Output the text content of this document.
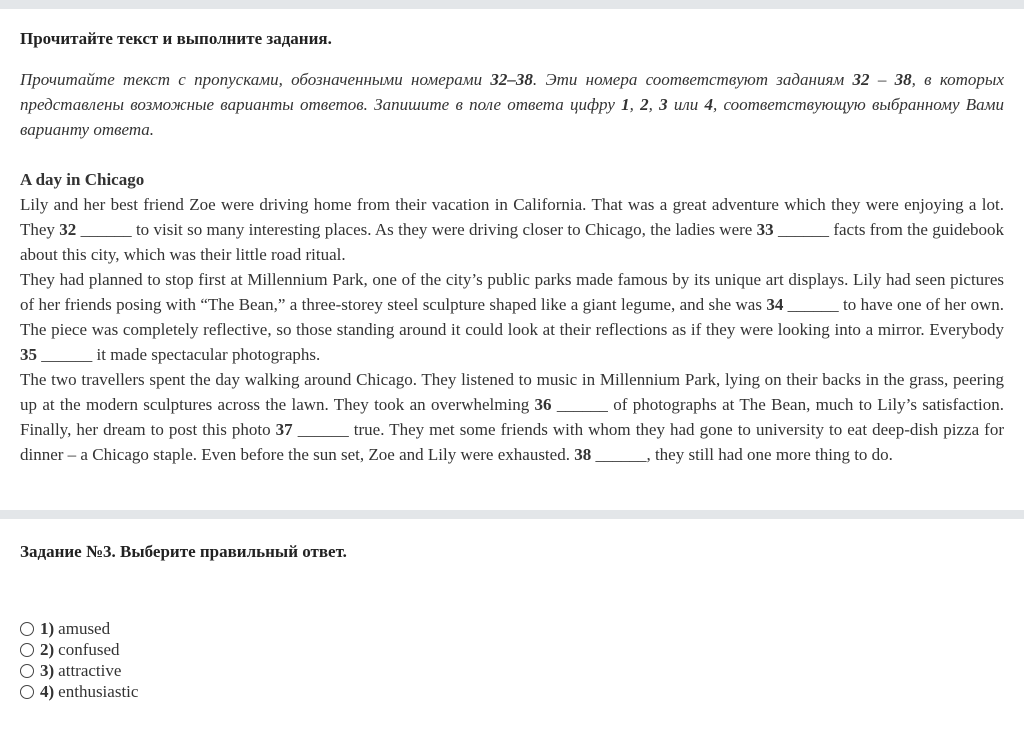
Прочитайте текст и выполните задания.

Прочитайте текст с пропусками, обозначенными номерами 32–38. Эти номера соответствуют заданиям 32 – 38, в которых представлены возможные варианты ответов. Запишите в поле ответа цифру 1, 2, 3 или 4, соответствующую выбранному Вами варианту ответа.

A day in Chicago

Lily and her best friend Zoe were driving home from their vacation in California. That was a great adventure which they were enjoying a lot. They 32 ______ to visit so many interesting places. As they were driving closer to Chicago, the ladies were 33 ______ facts from the guidebook about this city, which was their little road ritual.

They had planned to stop first at Millennium Park, one of the city’s public parks made famous by its unique art displays. Lily had seen pictures of her friends posing with “The Bean,” a three-storey steel sculpture shaped like a giant legume, and she was 34 ______ to have one of her own. The piece was completely reflective, so those standing around it could look at their reflections as if they were looking into a mirror. Everybody 35 ______ it made spectacular photographs.

The two travellers spent the day walking around Chicago. They listened to music in Millennium Park, lying on their backs in the grass, peering up at the modern sculptures across the lawn. They took an overwhelming 36 ______ of photographs at The Bean, much to Lily’s satisfaction. Finally, her dream to post this photo 37 ______ true. They met some friends with whom they had gone to university to eat deep-dish pizza for dinner – a Chicago staple. Even before the sun set, Zoe and Lily were exhausted. 38 ______, they still had one more thing to do.

Задание №3. Выберите правильный ответ.
1) amused
2) confused
3) attractive
4) enthusiastic
